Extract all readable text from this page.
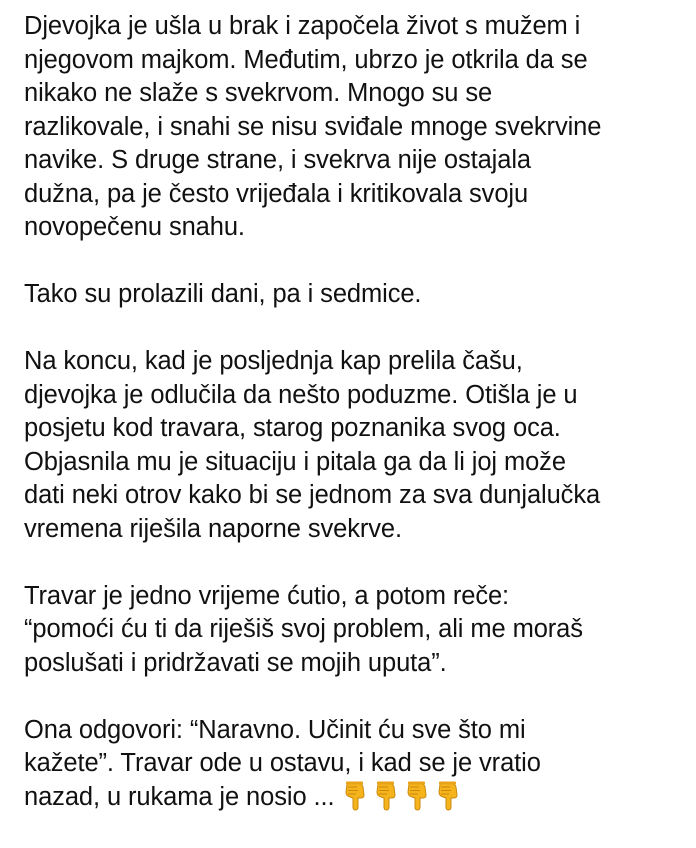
Djevojka je ušla u brak i započela život s mužem i
njegovom majkom. Međutim, ubrzo je otkrila da se
nikako ne slaže s svekrvom. Mnogo su se
razlikovale, i snahi se nisu sviđale mnoge svekrvine
navike. S druge strane, i svekrva nije ostajala
dužna, pa je često vrijeđala i kritikovala svoju
novopečenu snahu.

Tako su prolazili dani, pa i sedmice.

Na koncu, kad je posljednja kap prelila čašu,
djevojka je odlučila da nešto poduzme. Otišla je u
posjetu kod travara, starog poznanika svog oca.
Objasnila mu je situaciju i pitala ga da li joj može
dati neki otrov kako bi se jednom za sva dunjalučka
vremena riješila naporne svekrve.

Travar je jedno vrijeme ćutio, a potom reče:
“pomoći ću ti da riješiš svoj problem, ali me moraš
poslušati i pridržavati se mojih uputa”.

Ona odgovori: “Naravno. Učinit ću sve što mi
kažete”. Travar ode u ostavu, i kad se je vratio
nazad, u rukama je nosio ...
